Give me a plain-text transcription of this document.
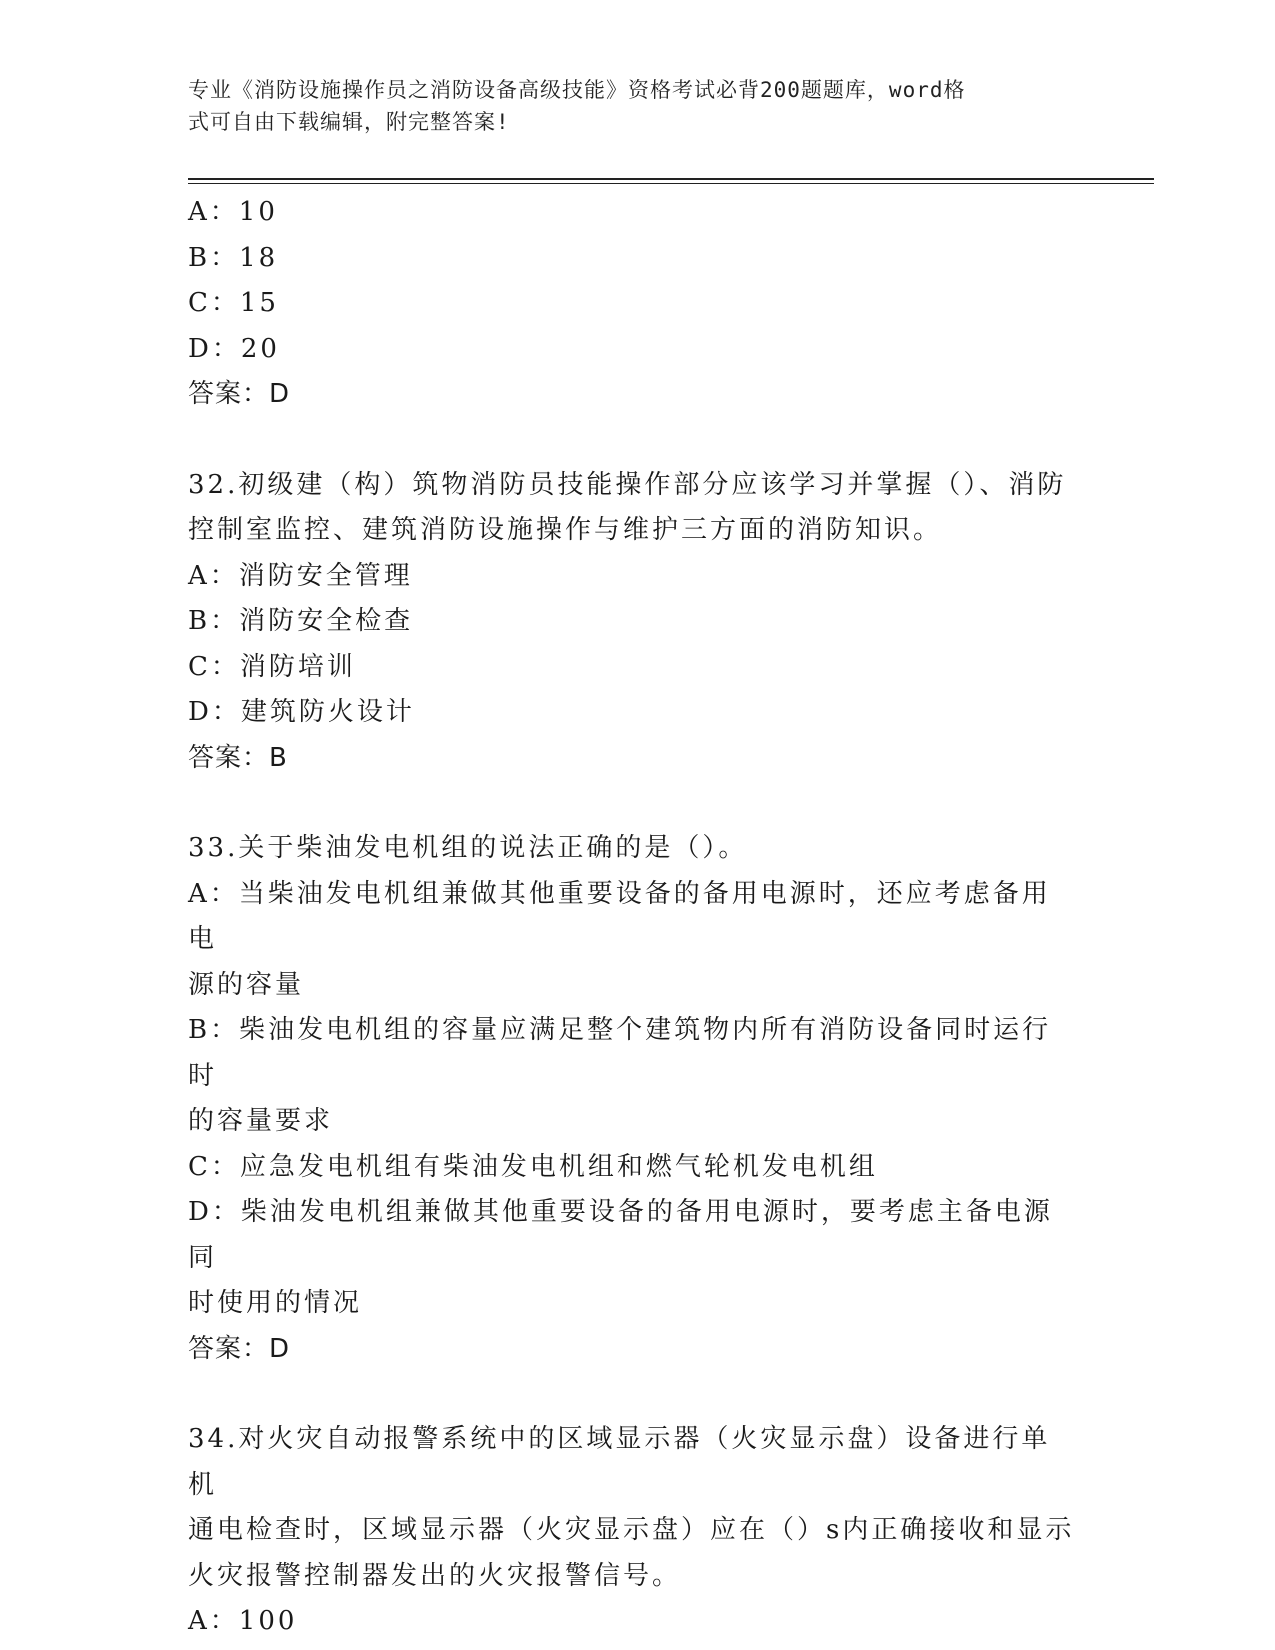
专业《消防设施操作员之消防设备高级技能》资格考试必背200题题库，word格
式可自由下载编辑，附完整答案!

A：10

B：18

C：15

D：20

答案：D

32.初级建（构）筑物消防员技能操作部分应该学习并掌握（）、消防

控制室监控、建筑消防设施操作与维护三方面的消防知识。

A：消防安全管理

B：消防安全检查

C：消防培训

D：建筑防火设计

答案：B

33.关于柴油发电机组的说法正确的是（）。

A：当柴油发电机组兼做其他重要设备的备用电源时，还应考虑备用电

源的容量

B：柴油发电机组的容量应满足整个建筑物内所有消防设备同时运行时

的容量要求

C：应急发电机组有柴油发电机组和燃气轮机发电机组

D：柴油发电机组兼做其他重要设备的备用电源时，要考虑主备电源同

时使用的情况

答案：D

34.对火灾自动报警系统中的区域显示器（火灾显示盘）设备进行单机

通电检查时，区域显示器（火灾显示盘）应在（）s内正确接收和显示

火灾报警控制器发出的火灾报警信号。

A：100
